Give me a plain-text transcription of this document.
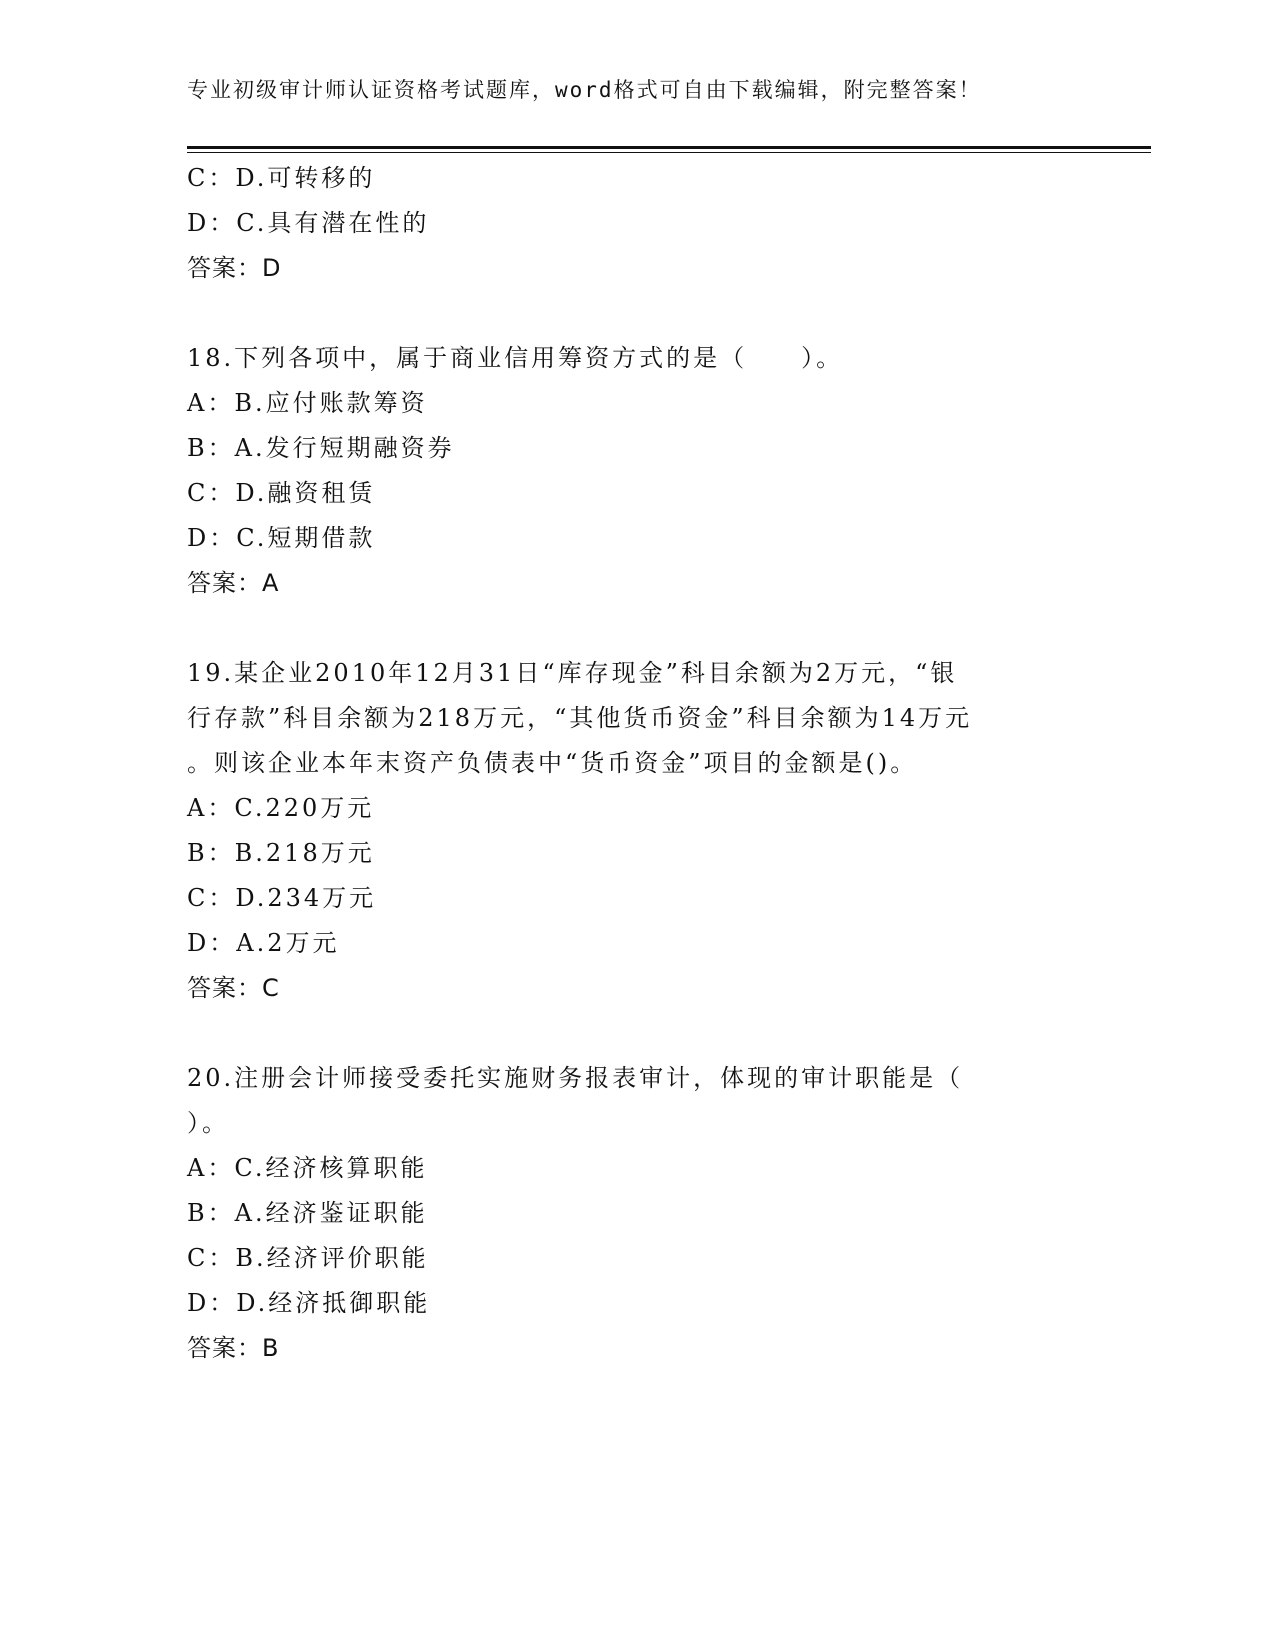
专业初级审计师认证资格考试题库，word格式可自由下载编辑，附完整答案！
C：D.可转移的
D：C.具有潜在性的
答案：D
18.下列各项中，属于商业信用筹资方式的是（　　）。
A：B.应付账款筹资
B：A.发行短期融资券
C：D.融资租赁
D：C.短期借款
答案：A
19.某企业2010年12月31日“库存现金”科目余额为2万元，“银
行存款”科目余额为218万元，“其他货币资金”科目余额为14万元
。则该企业本年末资产负债表中“货币资金”项目的金额是()。
A：C.220万元
B：B.218万元
C：D.234万元
D：A.2万元
答案：C
20.注册会计师接受委托实施财务报表审计，体现的审计职能是（
）。
A：C.经济核算职能
B：A.经济鉴证职能
C：B.经济评价职能
D：D.经济抵御职能
答案：B
